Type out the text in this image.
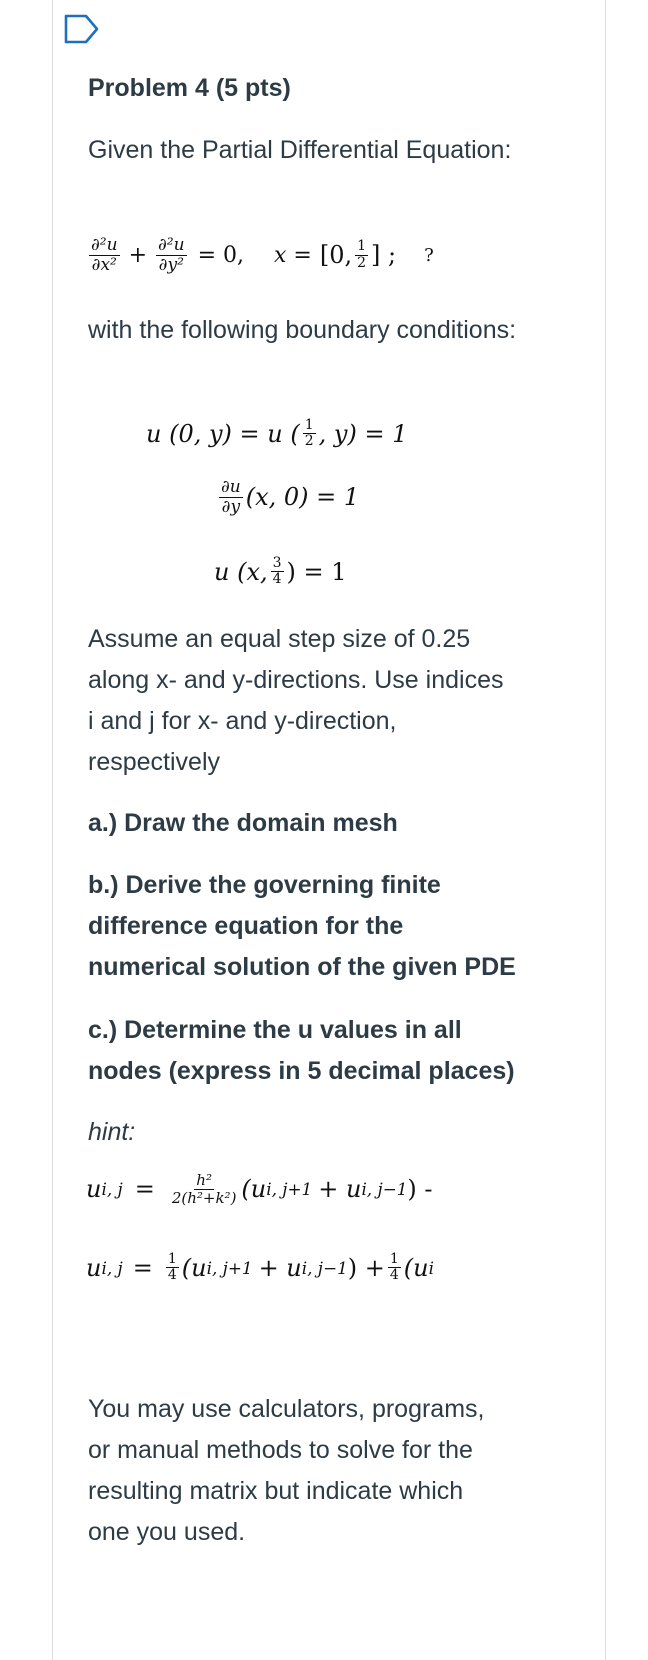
Problem 4 (5 pts)

Given the Partial Differential Equation:

$\frac{\text{∂²u}}{\text{∂x²}} + \frac{\text{∂²u}}{\text{∂y²}} = 0$, x = [0, $\frac{1}{2}$ ] ; ?

with the following boundary conditions:

u (0, y) = u ( $\frac{1}{2}$ , y) = 1
$\frac{\partial u}{\partial y} (x$, 0) = 1
u (x, $\frac{3}{4}$ ) = 1

Assume an equal step size of 0.25

along x- and y-directions. Use indices

i and j for x- and y-direction,

respectively

a.) Draw the domain mesh

b.) Derive the governing finite

difference equation for the

numerical solution of the given PDE

c.) Determine the u values in all

nodes (express in 5 decimal places)

hint:

u i, $j = \frac{\text{h²}}{\text{2(h²+k²)}} (u$ i, j+1 + u i, j−1 ) -
u i, $j = \frac{1}{4} (u$ i, j+1 + u i, j−1 ) + $\frac{1}{4} (u$ i

You may use calculators, programs,

or manual methods to solve for the

resulting matrix but indicate which

one you used.
